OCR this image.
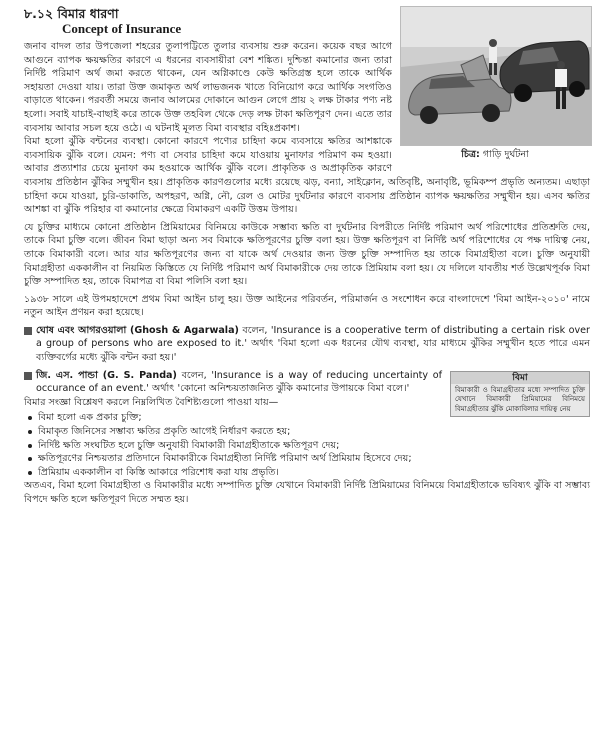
৮.১২ বিমার ধারণা
Concept of Insurance
চিত্র: গাড়ি দুর্ঘটনা

জনাব বাদল তার উপজেলা শহরের তুলাপট্টিতে তুলার ব্যবসায় শুরু করেন। কয়েক বছর আগে আগুনে ব্যাপক ক্ষয়ক্ষতির কারণে এ ধরনের ব্যবসায়ীরা বেশ শঙ্কিত। দুশ্চিন্তা কমানোর জন্য তারা নির্দিষ্ট পরিমাণ অর্থ জমা করতে থাকেন, যেন অগ্নিকাণ্ডে কেউ ক্ষতিগ্রস্ত হলে তাকে আর্থিক সহায়তা দেওয়া যায়। তারা উক্ত জমাকৃত অর্থ লাভজনক খাতে বিনিয়োগ করে আর্থিক সংগতিও বাড়াতে থাকেন। পরবর্তী সময়ে জনাব আলমের দোকানে আগুন লেগে প্রায় ২ লক্ষ টাকার পণ্য নষ্ট হলো। সবাই যাচাই-বাছাই করে তাকে উক্ত তহবিল থেকে দেড় লক্ষ টাকা ক্ষতিপূরণ দেন। এতে তার ব্যবসায় আবার সচল হয়ে ওঠে। এ ঘটনাই মূলত বিমা ব্যবস্থার বহিঃপ্রকাশ।

বিমা হলো ঝুঁকি বন্টনের ব্যবস্থা। কোনো কারণে পণ্যের চাহিদা কমে ব্যবসায়ে ক্ষতির আশঙ্কাকে ব্যবসায়িক ঝুঁকি বলে। যেমন: পণ্য বা সেবার চাহিদা কমে যাওয়ায় মুনাফার পরিমাণ কম হওয়া। আবার প্রত্যাশার চেয়ে মুনাফা কম হওয়াকে আর্থিক ঝুঁকি বলে। প্রাকৃতিক ও অপ্রাকৃতিক কারণে ব্যবসায় প্রতিষ্ঠান ঝুঁকির সম্মুখীন হয়। প্রাকৃতিক কারণগুলোর মধ্যে রয়েছে ঝড়, বন্যা, সাইক্লোন, অতিবৃষ্টি, অনাবৃষ্টি, ভূমিকম্প প্রভৃতি অন্যতম। এছাড়া চাহিদা কমে যাওয়া, চুরি-ডাকাতি, অপহরণ, অগ্নি, নৌ, রেল ও মোটর দুর্ঘটনার কারণে ব্যবসায় প্রতিষ্ঠান ব্যাপক ক্ষয়ক্ষতির সম্মুখীন হয়। এসব ক্ষতির আশঙ্কা বা ঝুঁকি পরিহার বা কমানোর ক্ষেত্রে বিমাকরণ একটি উত্তম উপায়।

যে চুক্তির মাধ্যমে কোনো প্রতিষ্ঠান প্রিমিয়ামের বিনিময়ে কাউকে সম্ভাব্য ক্ষতি বা দুর্ঘটনার বিপরীতে নির্দিষ্ট পরিমাণ অর্থ পরিশোধের প্রতিশ্রুতি দেয়, তাকে বিমা চুক্তি বলে। জীবন বিমা ছাড়া অন্য সব বিমাকে ক্ষতিপূরণের চুক্তি বলা হয়। উক্ত ক্ষতিপূরণ বা নির্দিষ্ট অর্থ পরিশোধের যে পক্ষ দায়িত্ব নেয়, তাকে বিমাকারী বলে। আর যার ক্ষতিপূরণের জন্য বা যাকে অর্থ দেওয়ার জন্য উক্ত চুক্তি সম্পাদিত হয় তাকে বিমাগ্রহীতা বলে। চুক্তি অনুযায়ী বিমাগ্রহীতা এককালীন বা নিয়মিত কিস্তিতে যে নির্দিষ্ট পরিমাণ অর্থ বিমাকারীকে দেয় তাকে প্রিমিয়াম বলা হয়। যে দলিলে যাবতীয় শর্ত উল্লেখপূর্বক বিমা চুক্তি সম্পাদিত হয়, তাকে বিমাপত্র বা বিমা পলিসি বলা হয়।

১৯৩৮ সালে এই উপমহাদেশে প্রথম বিমা আইন চালু হয়। উক্ত আইনের পরিবর্তন, পরিমার্জন ও সংশোধন করে বাংলাদেশে 'বিমা আইন-২০১০' নামে নতুন আইন প্রণয়ন করা হয়েছে।

ঘোষ এবং আগরওয়ালা (Ghosh & Agarwala) বলেন, 'Insurance is a cooperative term of distributing a certain risk over a group of persons who are exposed to it.' অর্থাৎ 'বিমা হলো এক ধরনের যৌথ ব্যবস্থা, যার মাধ্যমে ঝুঁকির সম্মুখীন হতে পারে এমন ব্যক্তিবর্গের মধ্যে ঝুঁকি বন্টন করা হয়।'

বিমা
বিমাকারী ও বিমাগ্রহীতার মধ্যে সম্পাদিত চুক্তি যেখানে বিমাকারী প্রিমিয়ামের বিনিময়ে বিমাগ্রহীতার ঝুঁকি মোকাবিলার দায়িত্ব নেয়

জি. এস. পান্ডা (G. S. Panda) বলেন, 'Insurance is a way of reducing uncertainty of occurance of an event.' অর্থাৎ 'কোনো অনিশ্চয়তাজনিত ঝুঁকি কমানোর উপায়কে বিমা বলে।'

বিমার সংজ্ঞা বিশ্লেষণ করলে নিম্নলিখিত বৈশিষ্ট্যগুলো পাওয়া যায়—

বিমা হলো এক প্রকার চুক্তি;
বিমাকৃত জিনিসের সম্ভাব্য ক্ষতির প্রকৃতি আগেই নির্ধারণ করতে হয়;
নির্দিষ্ট ক্ষতি সংঘটিত হলে চুক্তি অনুযায়ী বিমাকারী বিমাগ্রহীতাকে ক্ষতিপূরণ দেয়;
ক্ষতিপূরণের নিশ্চয়তার প্রতিদানে বিমাকারীকে বিমাগ্রহীতা নির্দিষ্ট পরিমাণ অর্থ প্রিমিয়াম হিসেবে দেয়;
প্রিমিয়াম এককালীন বা কিস্তি আকারে পরিশোধ করা যায় প্রভৃতি।

অতএব, বিমা হলো বিমাগ্রহীতা ও বিমাকারীর মধ্যে সম্পাদিত চুক্তি যেখানে বিমাকারী নির্দিষ্ট প্রিমিয়ামের বিনিময়ে বিমাগ্রহীতাকে ভবিষ্যৎ ঝুঁকি বা সম্ভাব্য বিপদে ক্ষতি হলে ক্ষতিপূরণ দিতে সম্মত হয়।
